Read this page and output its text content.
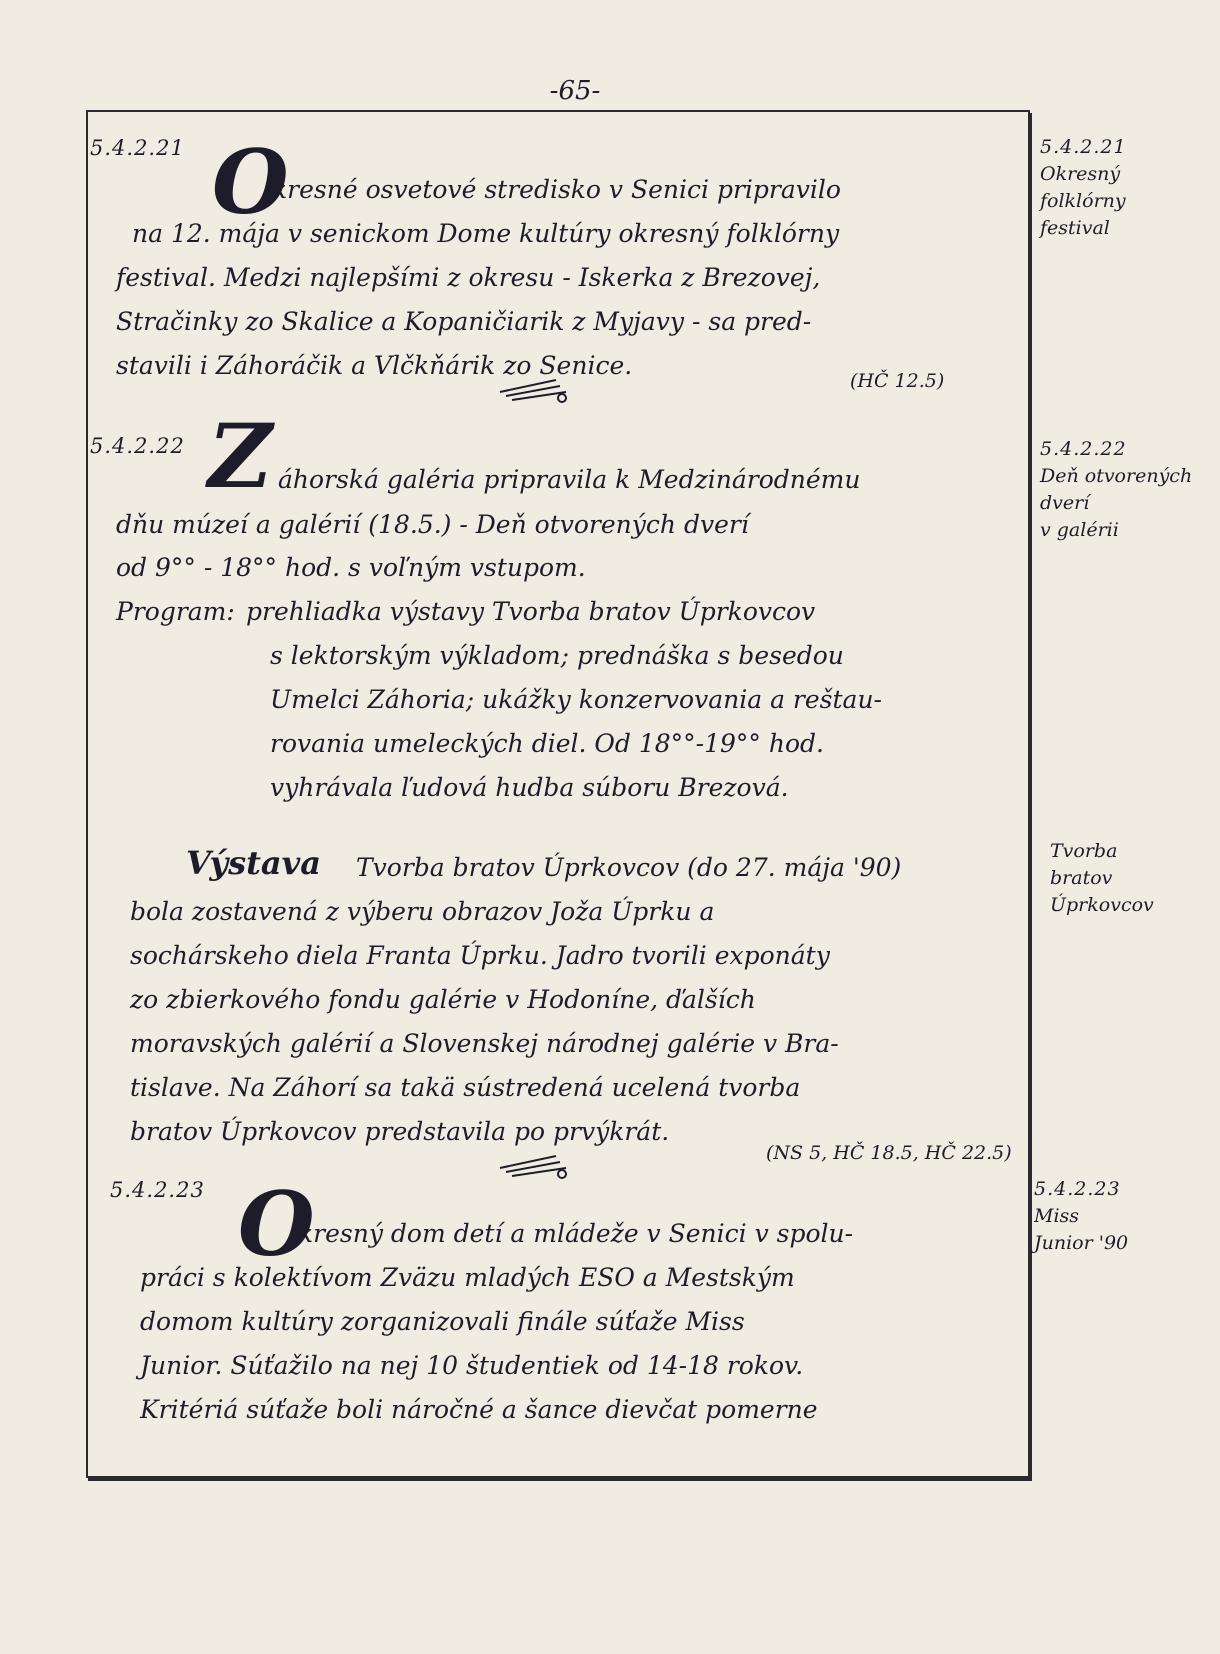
-65-
5.4.2.21 O
kresné osvetové stredisko v Senici pripravilo
na 12. mája v senickom Dome kultúry okresný folklórny
festival. Medzi najlepšími z okresu - Iskerka z Brezovej,
Stračinky zo Skalice a Kopaničiarik z Myjavy - sa pred-
stavili i Záhoráčik a Vlčkňárik zo Senice.
(HČ 12.5)
5.4.2.21
Okresný
folklórny
festival
5.4.2.22 Z áhorská galéria pripravila k Medzinárodnému
dňu múzeí a galérií (18.5.) - Deň otvorených dverí
od 9°° - 18°° hod. s voľným vstupom.
Program: prehliadka výstavy Tvorba bratov Úprkovcov
s lektorským výkladom; prednáška s besedou
Umelci Záhoria; ukážky konzervovania a reštau-
rovania umeleckých diel. Od 18°°-19°° hod.
vyhrávala ľudová hudba súboru Brezová.
5.4.2.22
Deň otvorených
dverí
v galérii
Výstava Tvorba bratov Úprkovcov (do 27. mája '90)
bola zostavená z výberu obrazov Joža Úprku a
sochárskeho diela Franta Úprku. Jadro tvorili exponáty
zo zbierkového fondu galérie v Hodoníne, ďalších
moravských galérií a Slovenskej národnej galérie v Bra-
tislave. Na Záhorí sa takä sústredená ucelená tvorba
bratov Úprkovcov predstavila po prvýkrát.
(NS 5, HČ 18.5, HČ 22.5)
Tvorba
bratov
Úprkovcov
5.4.2.23 O
kresný dom detí a mládeže v Senici v spolu-
práci s kolektívom Zväzu mladých ESO a Mestským
domom kultúry zorganizovali finále súťaže Miss
Junior. Súťažilo na nej 10 študentiek od 14-18 rokov.
Kritériá súťaže boli náročné a šance dievčat pomerne
5.4.2.23
Miss
Junior '90
